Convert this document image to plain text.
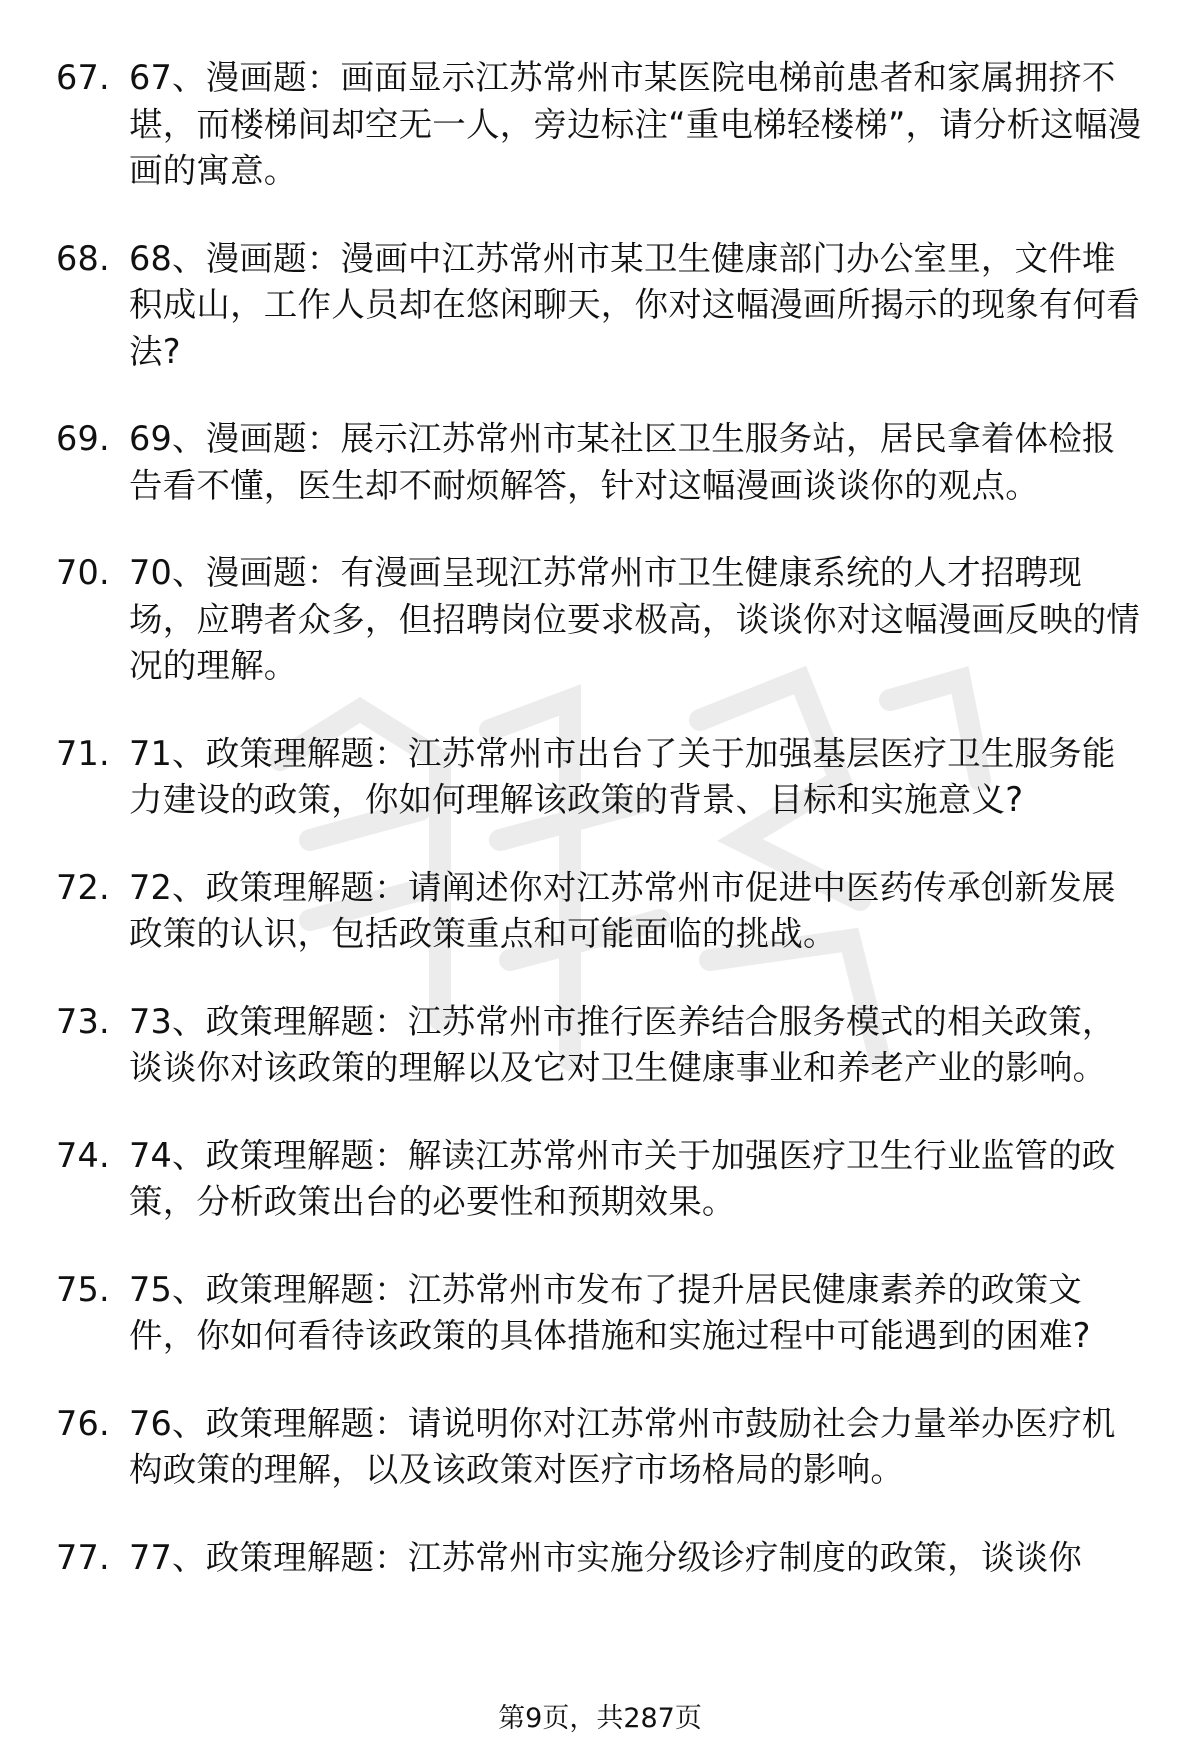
67. 67、漫画题：画面显示江苏常州市某医院电梯前患者和家属拥挤不堪，而楼梯间却空无一人，旁边标注“重电梯轻楼梯”，请分析这幅漫画的寓意。
68. 68、漫画题：漫画中江苏常州市某卫生健康部门办公室里，文件堆积成山，工作人员却在悠闲聊天，你对这幅漫画所揭示的现象有何看法?
69. 69、漫画题：展示江苏常州市某社区卫生服务站，居民拿着体检报告看不懂，医生却不耐烦解答，针对这幅漫画谈谈你的观点。
70. 70、漫画题：有漫画呈现江苏常州市卫生健康系统的人才招聘现场，应聘者众多，但招聘岗位要求极高，谈谈你对这幅漫画反映的情况的理解。
71. 71、政策理解题：江苏常州市出台了关于加强基层医疗卫生服务能力建设的政策，你如何理解该政策的背景、目标和实施意义?
72. 72、政策理解题：请阐述你对江苏常州市促进中医药传承创新发展政策的认识，包括政策重点和可能面临的挑战。
73. 73、政策理解题：江苏常州市推行医养结合服务模式的相关政策，谈谈你对该政策的理解以及它对卫生健康事业和养老产业的影响。
74. 74、政策理解题：解读江苏常州市关于加强医疗卫生行业监管的政策，分析政策出台的必要性和预期效果。
75. 75、政策理解题：江苏常州市发布了提升居民健康素养的政策文件，你如何看待该政策的具体措施和实施过程中可能遇到的困难?
76. 76、政策理解题：请说明你对江苏常州市鼓励社会力量举办医疗机构政策的理解，以及该政策对医疗市场格局的影响。
77. 77、政策理解题：江苏常州市实施分级诊疗制度的政策，谈谈你
第9页，共287页
